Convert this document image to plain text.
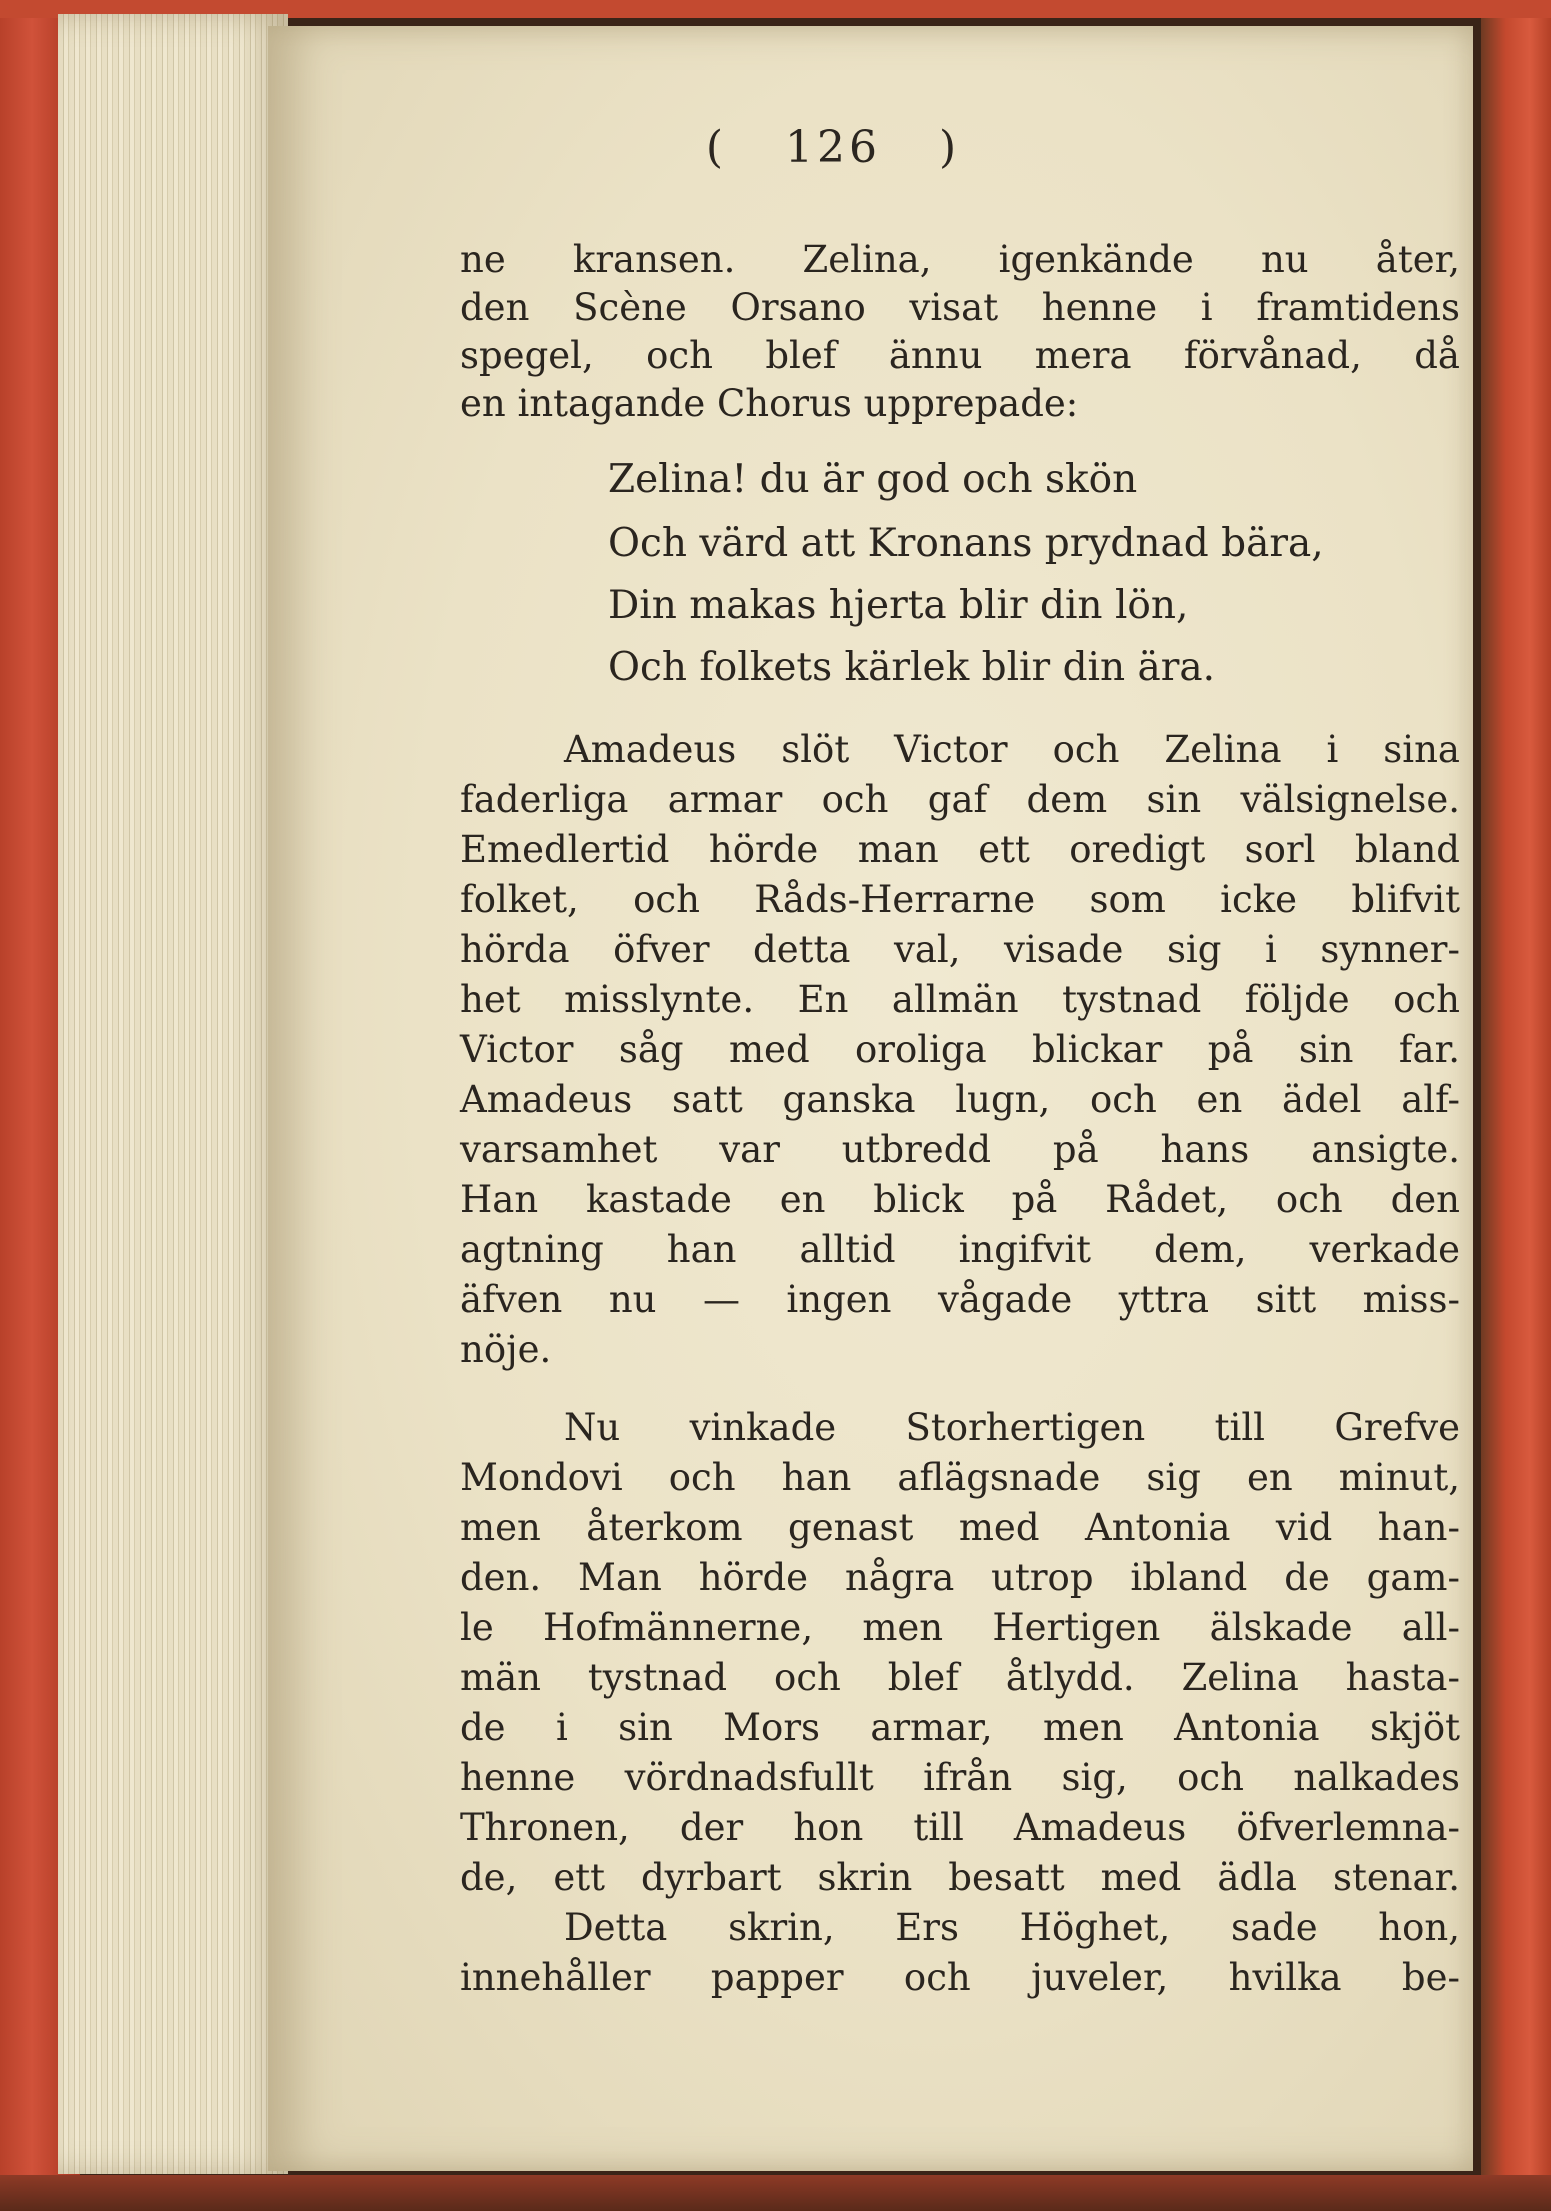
( 126 )
ne kransen. Zelina, igenkände nu åter,
den Scène Orsano visat henne i framtidens
spegel, och blef ännu mera förvånad, då
en intagande Chorus upprepade:
Zelina! du är god och skön
Och värd att Kronans prydnad bära,
Din makas hjerta blir din lön,
Och folkets kärlek blir din ära.
Amadeus slöt Victor och Zelina i sina
faderliga armar och gaf dem sin välsignelse.
Emedlertid hörde man ett oredigt sorl bland
folket, och Råds-Herrarne som icke blifvit
hörda öfver detta val, visade sig i synner-
het misslynte. En allmän tystnad följde och
Victor såg med oroliga blickar på sin far.
Amadeus satt ganska lugn, och en ädel alf-
varsamhet var utbredd på hans ansigte.
Han kastade en blick på Rådet, och den
agtning han alltid ingifvit dem, verkade
äfven nu — ingen vågade yttra sitt miss-
nöje.
Nu vinkade Storhertigen till Grefve
Mondovi och han aflägsnade sig en minut,
men återkom genast med Antonia vid han-
den. Man hörde några utrop ibland de gam-
le Hofmännerne, men Hertigen älskade all-
män tystnad och blef åtlydd. Zelina hasta-
de i sin Mors armar, men Antonia skjöt
henne vördnadsfullt ifrån sig, och nalkades
Thronen, der hon till Amadeus öfverlemna-
de, ett dyrbart skrin besatt med ädla stenar.
Detta skrin, Ers Höghet, sade hon,
innehåller papper och juveler, hvilka be-
